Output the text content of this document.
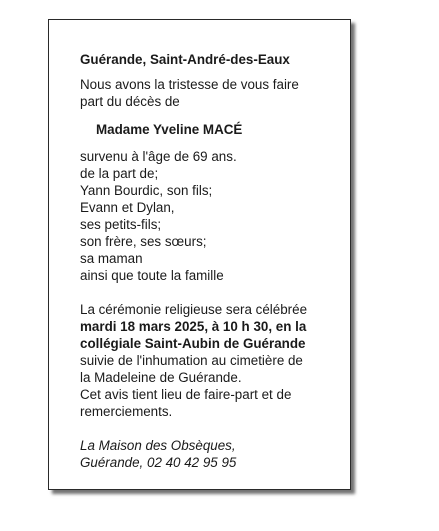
Guérande, Saint-André-des-Eaux
Nous avons la tristesse de vous faire
part du décès de
Madame Yveline MACÉ
survenu à l'âge de 69 ans.
de la part de;
Yann Bourdic, son fils;
Evann et Dylan,
ses petits-fils;
son frère, ses sœurs;
sa maman
ainsi que toute la famille
La cérémonie religieuse sera célébrée
mardi 18 mars 2025, à 10 h 30, en la
collégiale Saint-Aubin de Guérande
suivie de l'inhumation au cimetière de
la Madeleine de Guérande.
Cet avis tient lieu de faire-part et de
remerciements.
La Maison des Obsèques,
Guérande, 02 40 42 95 95
